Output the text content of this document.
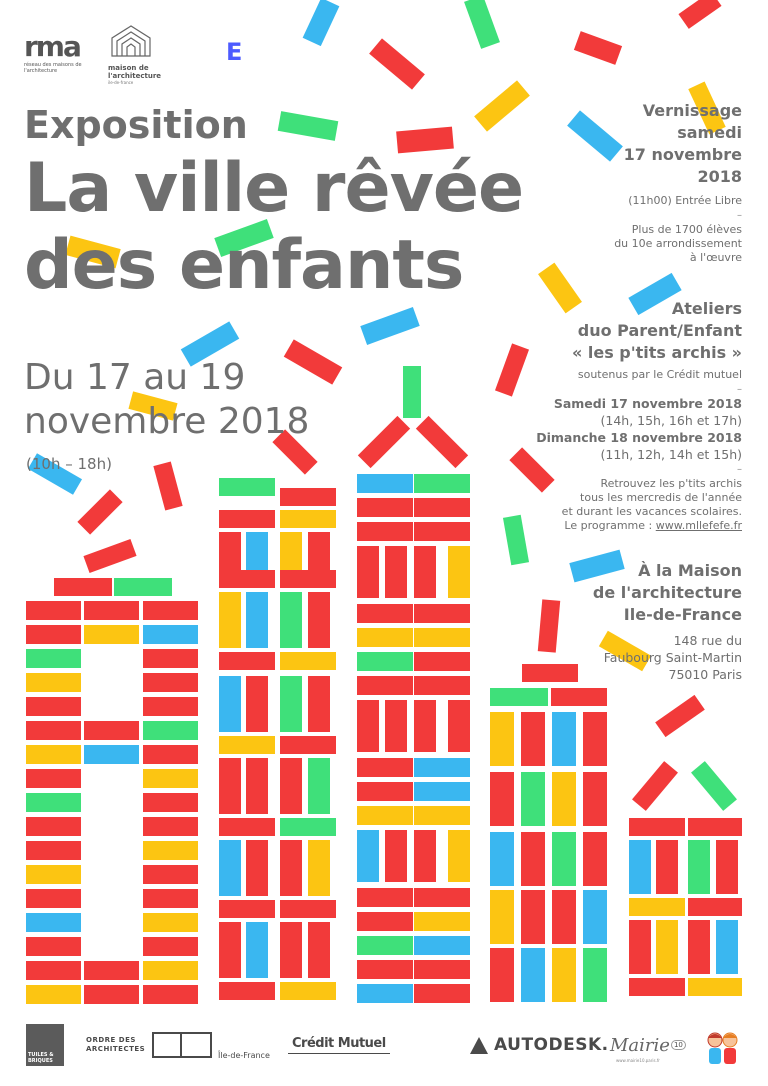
rma
réseau des maisons de l'architecture	maison de l'architecture
ile-de-france
E
Exposition
La ville rêvée
des enfants
Du 17 au 19
novembre 2018
(10h – 18h)
Vernissage
samedi
17 novembre
2018
(11h00) Entrée Libre
–
Plus de 1700 élèves
du 10e arrondissement
à l'œuvre
Ateliers
duo Parent/Enfant
« les p'tits archis »
soutenus par le Crédit mutuel
–
Samedi 17 novembre 2018
(14h, 15h, 16h et 17h)
Dimanche 18 novembre 2018
(11h, 12h, 14h et 15h)
–
Retrouvez les p'tits archis
tous les mercredis de l'année
et durant les vacances scolaires.
Le programme : www.mllefefe.fr
À la Maison
de l'architecture
Ile-de-France
148 rue du
Faubourg Saint-Martin
75010 Paris
TUILES & BRIQUES
ORDRE DES ARCHITECTES
Île-de-France
Crédit Mutuel	AUTODESK. Mairie 10
www.mairie10.paris.fr
